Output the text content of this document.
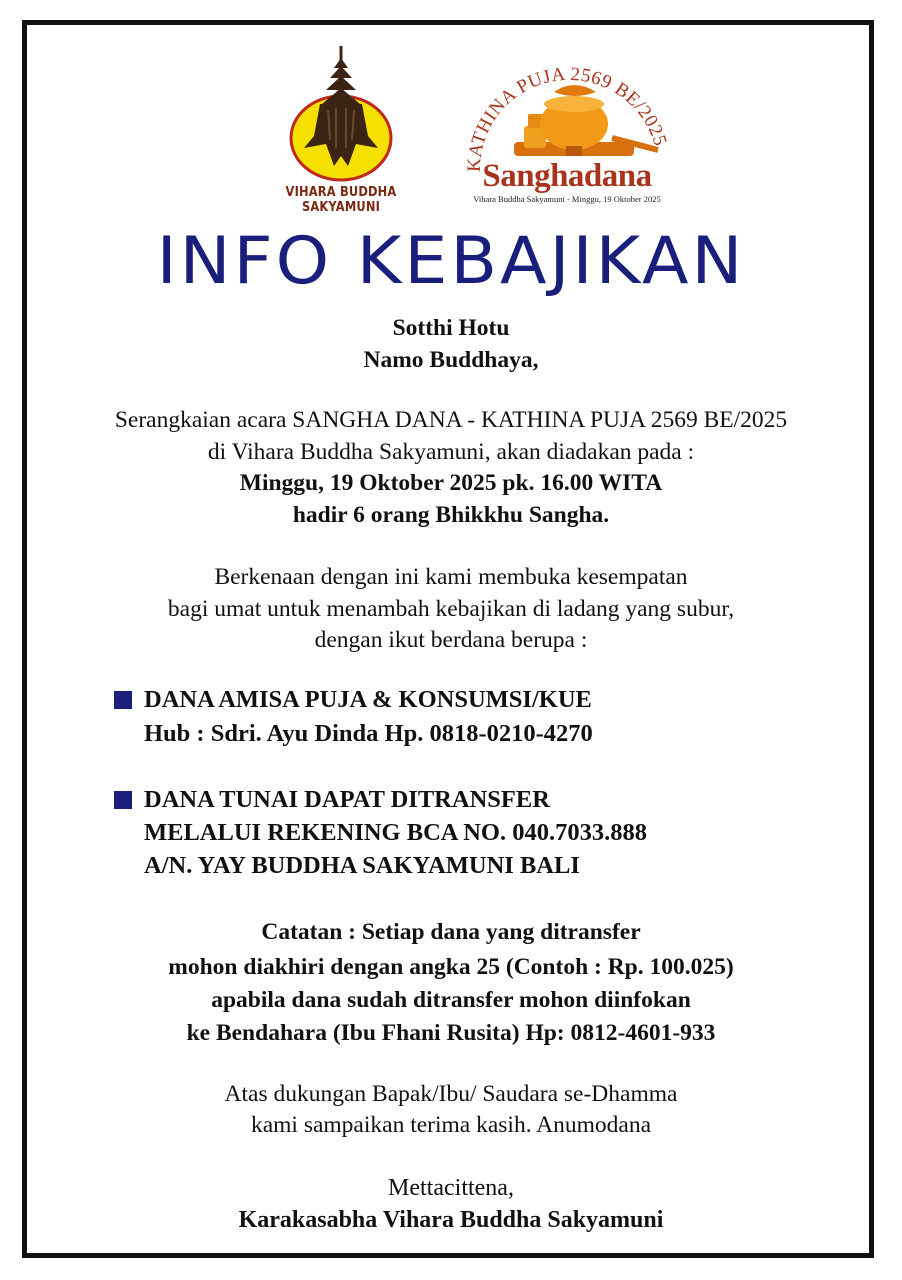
VIHARA BUDDHA SAKYAMUNI
KATHINA PUJA 2569 BE/2025
Sanghadana
Vihara Buddha Sakyamuni - Minggu, 19 Oktober 2025
INFO KEBAJIKAN
Sotthi Hotu
Namo Buddhaya,
Serangkaian acara SANGHA DANA - KATHINA PUJA 2569 BE/2025
di Vihara Buddha Sakyamuni, akan diadakan pada :
Minggu, 19 Oktober 2025 pk. 16.00 WITA
hadir 6 orang Bhikkhu Sangha.
Berkenaan dengan ini kami membuka kesempatan
bagi umat untuk menambah kebajikan di ladang yang subur,
dengan ikut berdana berupa :
DANA AMISA PUJA & KONSUMSI/KUE
Hub : Sdri. Ayu Dinda Hp. 0818-0210-4270
DANA TUNAI DAPAT DITRANSFER
MELALUI REKENING BCA NO. 040.7033.888
A/N. YAY BUDDHA SAKYAMUNI BALI
Catatan : Setiap dana yang ditransfer
mohon diakhiri dengan angka 25 (Contoh : Rp. 100.025)
apabila dana sudah ditransfer mohon diinfokan
ke Bendahara (Ibu Fhani Rusita) Hp: 0812-4601-933
Atas dukungan Bapak/Ibu/ Saudara se-Dhamma
kami sampaikan terima kasih. Anumodana
Mettacittena,
Karakasabha Vihara Buddha Sakyamuni
